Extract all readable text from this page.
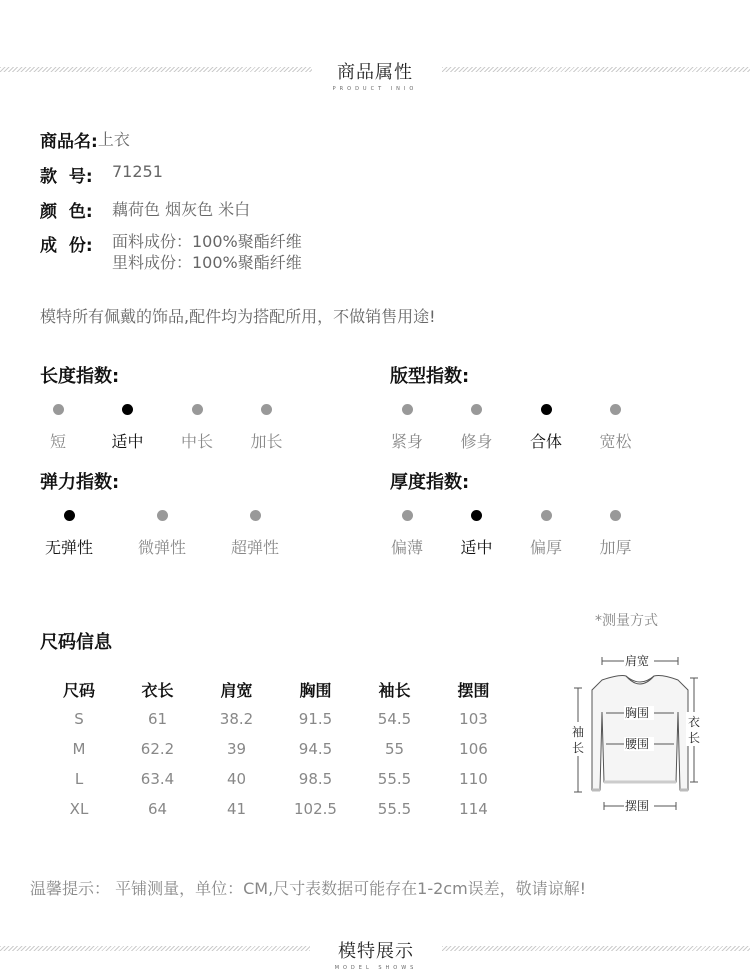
商品属性
PRODUCT INIO
商品名: 上衣
款  号:	71251
颜  色:	藕荷色 烟灰色 米白
成  份:	面料成份：100%聚酯纤维
里料成份：100%聚酯纤维
模特所有佩戴的饰品,配件均为搭配所用，不做销售用途!
长度指数:	版型指数:
弹力指数:	厚度指数:
短	适中	中长	加长	紧身	修身	合体	宽松
无弹性	微弹性	超弹性	偏薄	适中	偏厚	加厚
尺码信息
尺码	衣长	肩宽	胸围	袖长	摆围
S	61	38.2	91.5	54.5	103
M	62.2	39	94.5	55	106
L	63.4	40	98.5	55.5	110
XL	64	41	102.5	55.5	114
*测量方式
肩宽
胸围
腰围
摆围
袖长
衣长
温馨提示： 平铺测量，单位：CM,尺寸表数据可能存在1-2cm误差，敬请谅解!
模特展示
MODEL SHOWS
